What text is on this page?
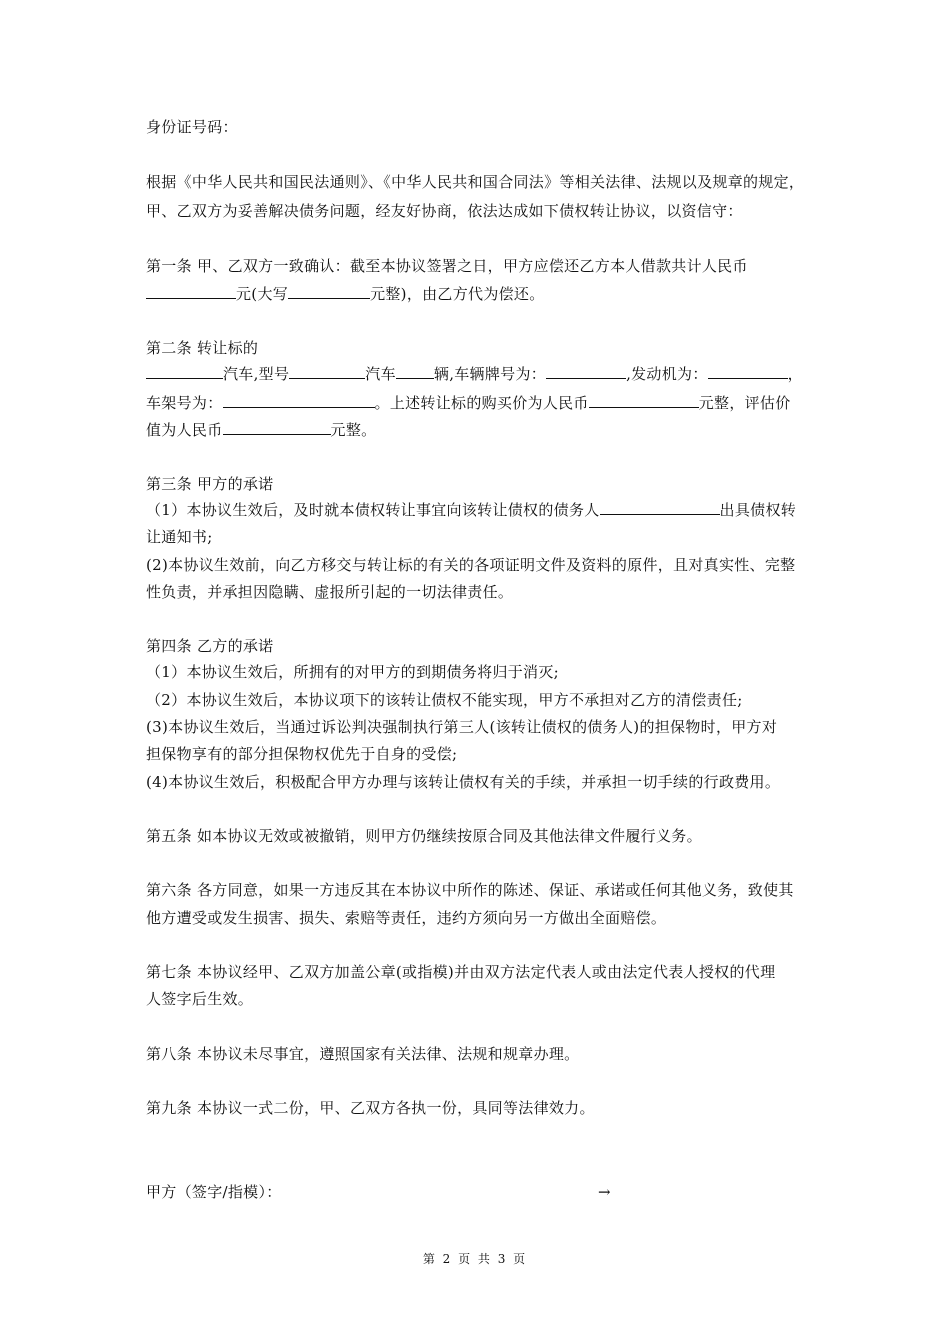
身份证号码：
根据《中华人民共和国民法通则》、《中华人民共和国合同法》等相关法律、法规以及规章的规定，
甲、乙双方为妥善解决债务问题，经友好协商，依法达成如下债权转让协议，以资信守：
第一条 甲、乙双方一致确认：截至本协议签署之日，甲方应偿还乙方本人借款共计人民币
元(大写	元整)，由乙方代为偿还。
第二条 转让标的
汽车,型号	汽车	辆,车辆牌号为：	,发动机为：	，
车架号为：	。上述转让标的购买价为人民币	元整，评估价
值为人民币	元整。
第三条 甲方的承诺
（1）本协议生效后，及时就本债权转让事宜向该转让债权的债务人	出具债权转
让通知书;
(2)本协议生效前，向乙方移交与转让标的有关的各项证明文件及资料的原件，且对真实性、完整
性负责，并承担因隐瞒、虚报所引起的一切法律责任。
第四条 乙方的承诺
（1）本协议生效后，所拥有的对甲方的到期债务将归于消灭;
（2）本协议生效后，本协议项下的该转让债权不能实现，甲方不承担对乙方的清偿责任;
(3)本协议生效后，当通过诉讼判决强制执行第三人(该转让债权的债务人)的担保物时，甲方对
担保物享有的部分担保物权优先于自身的受偿;
(4)本协议生效后，积极配合甲方办理与该转让债权有关的手续，并承担一切手续的行政费用。
第五条 如本协议无效或被撤销，则甲方仍继续按原合同及其他法律文件履行义务。
第六条 各方同意，如果一方违反其在本协议中所作的陈述、保证、承诺或任何其他义务，致使其
他方遭受或发生损害、损失、索赔等责任，违约方须向另一方做出全面赔偿。
第七条 本协议经甲、乙双方加盖公章(或指模)并由双方法定代表人或由法定代表人授权的代理
人签字后生效。
第八条 本协议未尽事宜，遵照国家有关法律、法规和规章办理。
第九条 本协议一式二份，甲、乙双方各执一份，具同等法律效力。
甲方（签字/指模）：	→
第 2 页 共 3 页
